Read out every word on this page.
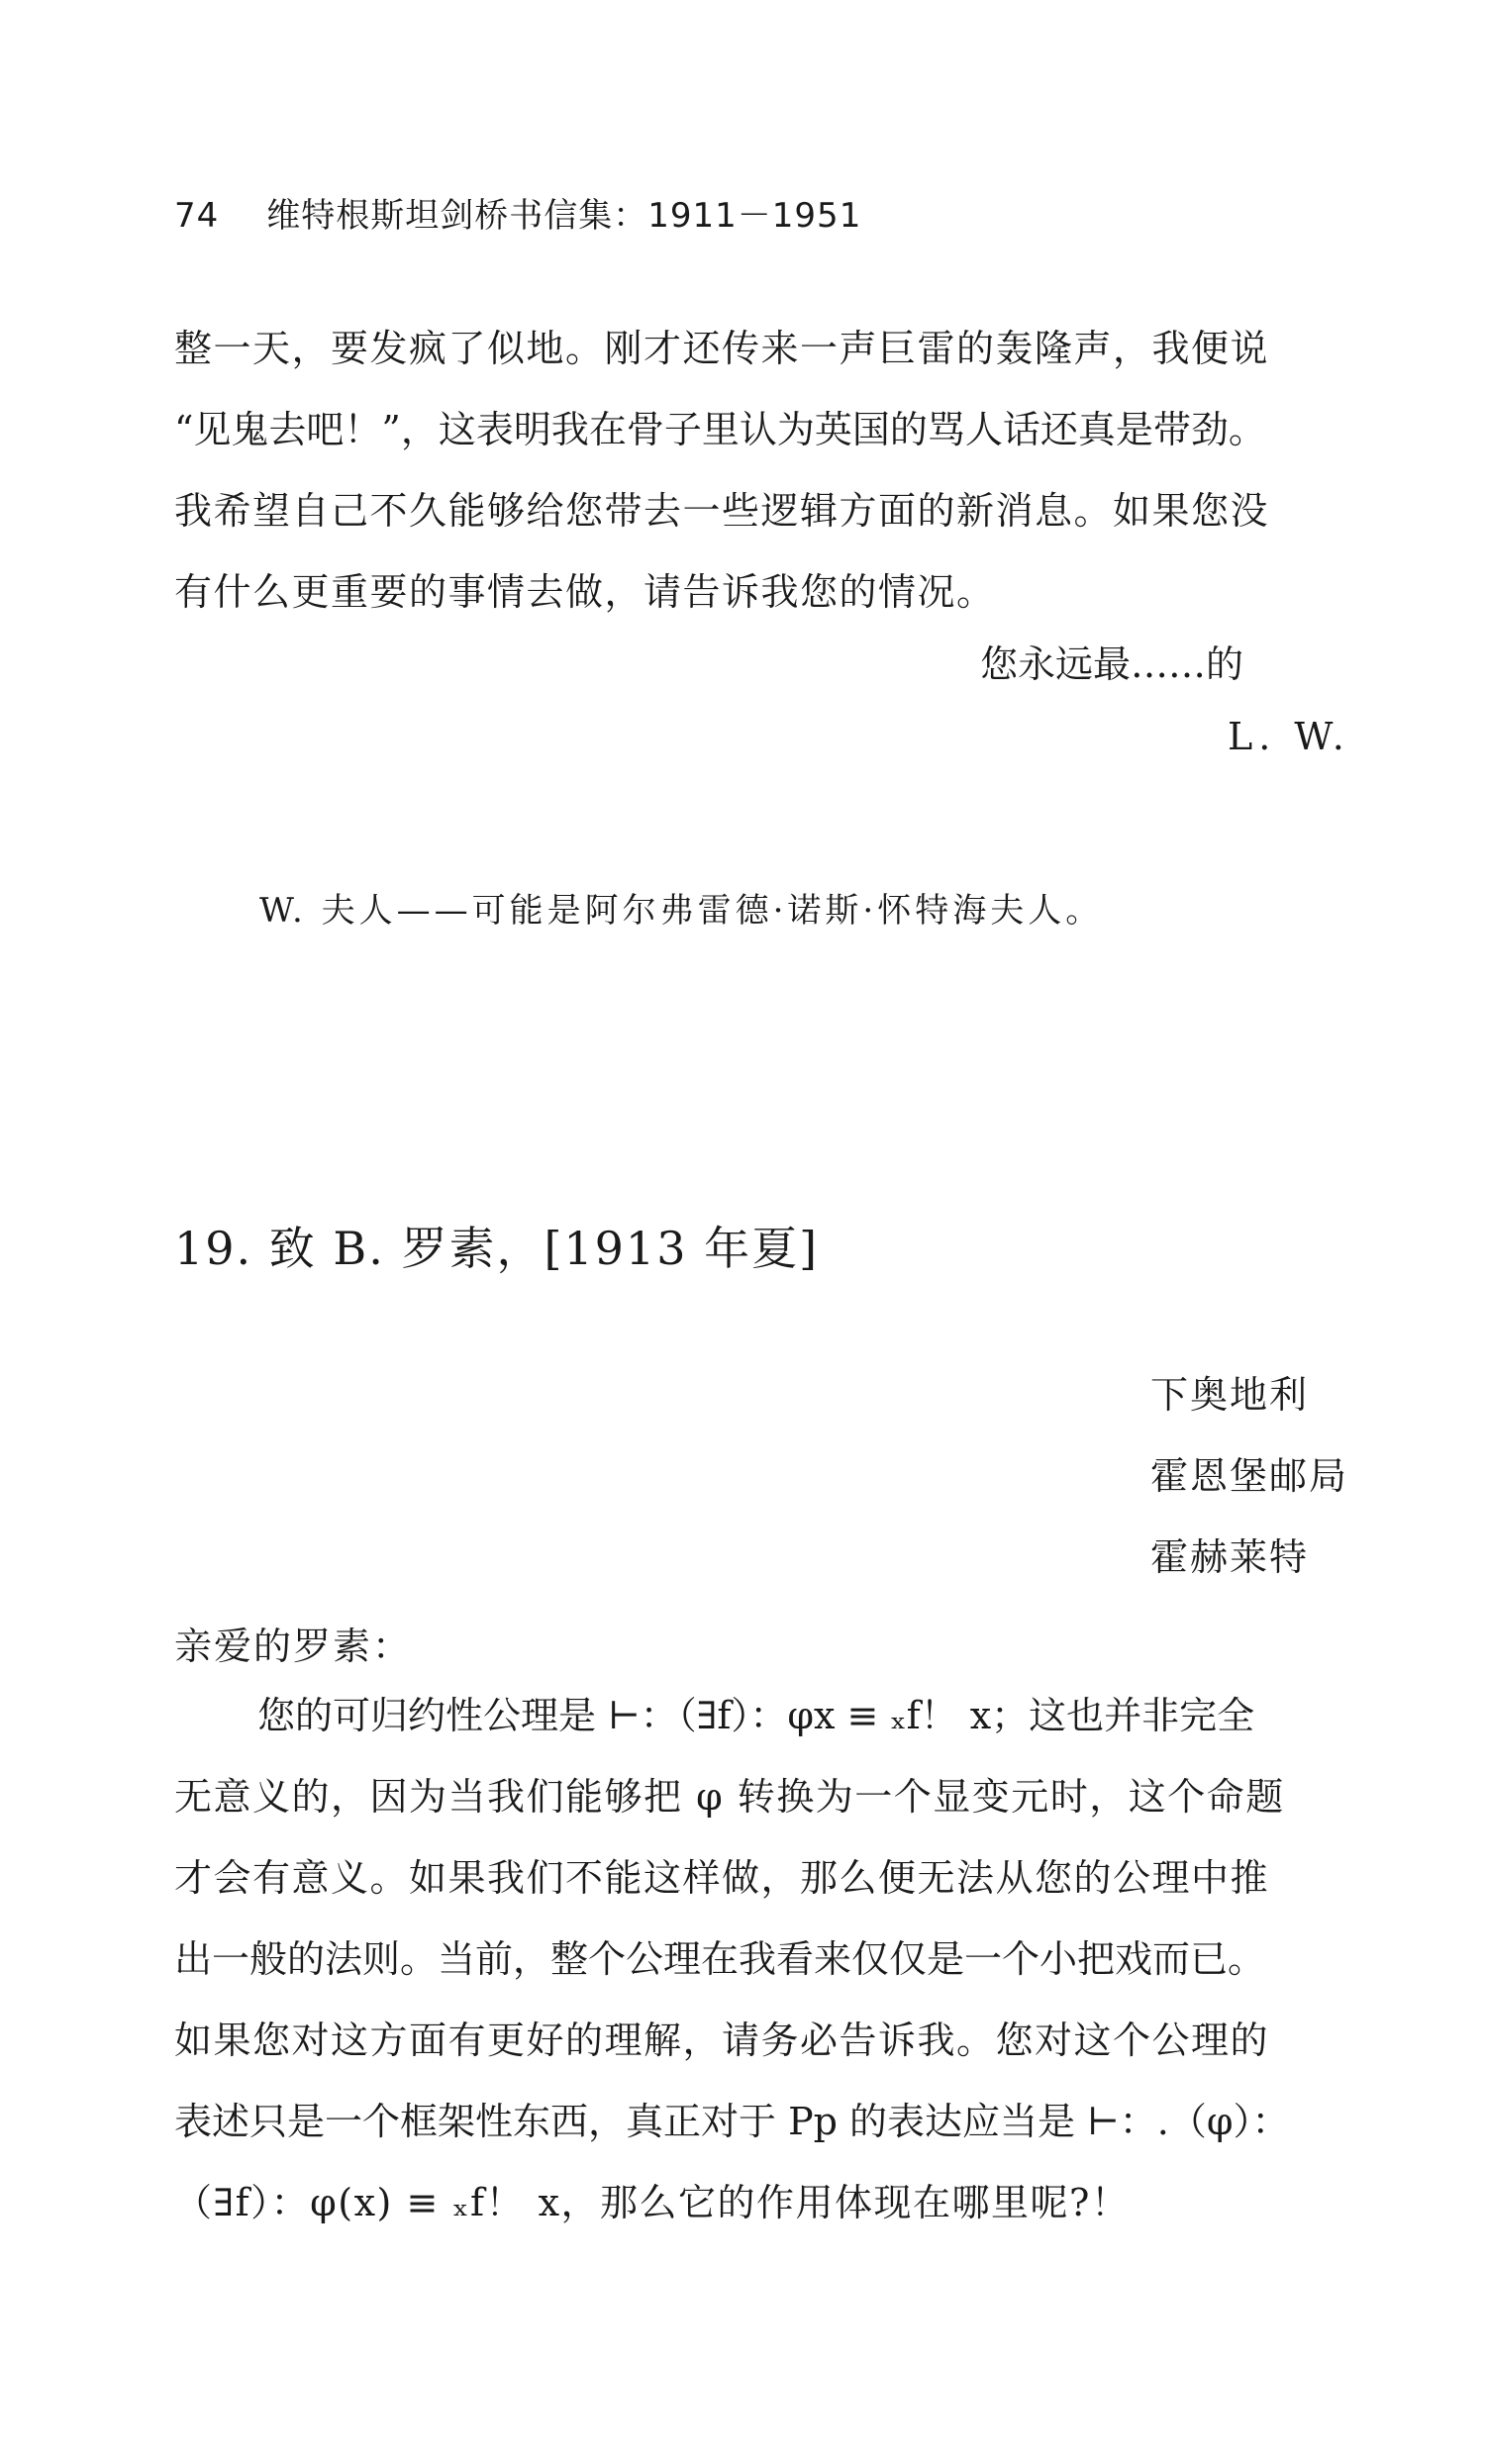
74 维特根斯坦剑桥书信集：1911－1951
整一天，要发疯了似地。刚才还传来一声巨雷的轰隆声，我便说
“见鬼去吧！”，这表明我在骨子里认为英国的骂人话还真是带劲。
我希望自己不久能够给您带去一些逻辑方面的新消息。如果您没
有什么更重要的事情去做，请告诉我您的情况。
您永远最……的
L. W.
W. 夫人——可能是阿尔弗雷德·诺斯·怀特海夫人。
19. 致 B. 罗素，[1913 年夏]
下奥地利
霍恩堡邮局
霍赫莱特
亲爱的罗素：
您的可归约性公理是 ⊢：（∃f）：φx ≡ ₓf！ x；这也并非完全
无意义的，因为当我们能够把 φ 转换为一个显变元时，这个命题
才会有意义。如果我们不能这样做，那么便无法从您的公理中推
出一般的法则。当前，整个公理在我看来仅仅是一个小把戏而已。
如果您对这方面有更好的理解，请务必告诉我。您对这个公理的
表述只是一个框架性东西，真正对于 Pp 的表达应当是 ⊢：.（φ）：
（∃f）：φ(x) ≡ ₓf！ x，那么它的作用体现在哪里呢?！
